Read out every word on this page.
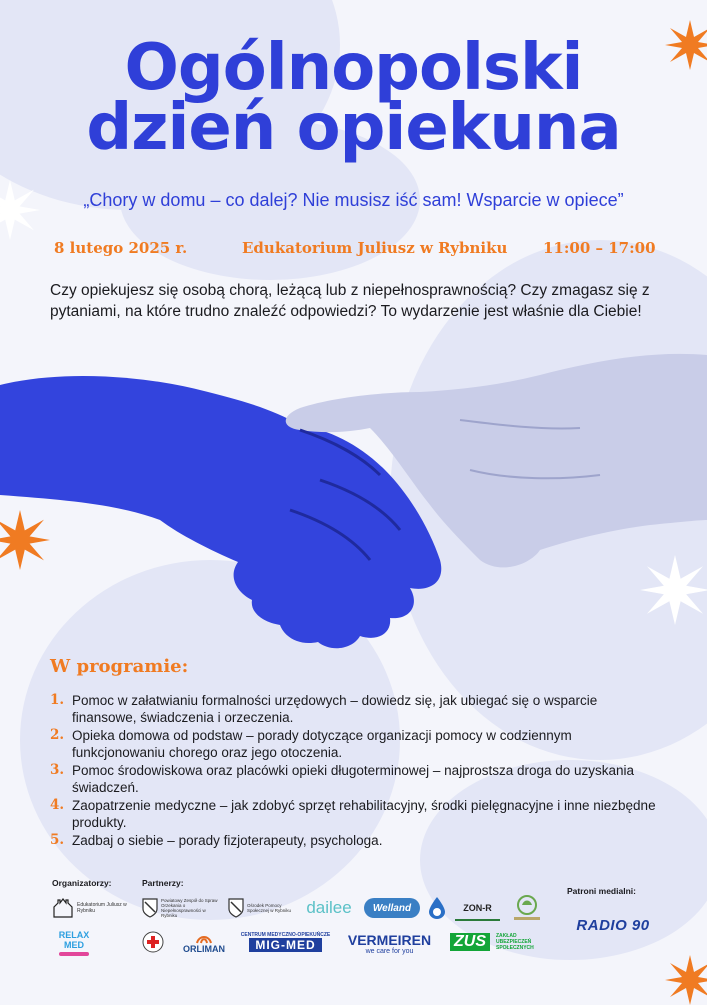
Ogólnopolski
dzień opiekuna
„Chory w domu – co dalej? Nie musisz iść sam! Wsparcie w opiece”
8 lutego 2025 r.	Edukatorium Juliusz w Rybniku 11:00 – 17:00
Czy opiekujesz się osobą chorą, leżącą lub z niepełnosprawnością? Czy zmagasz się z pytaniami, na które trudno znaleźć odpowiedzi? To wydarzenie jest właśnie dla Ciebie!
W programie:
1. Pomoc w załatwianiu formalności urzędowych – dowiedz się, jak ubiegać się o wsparcie finansowe, świadczenia i orzeczenia.
2. Opieka domowa od podstaw – porady dotyczące organizacji pomocy w codziennym funkcjonowaniu chorego oraz jego otoczenia.
3. Pomoc środowiskowa oraz placówki opieki długoterminowej – najprostsza droga do uzyskania świadczeń.
4. Zaopatrzenie medyczne – jak zdobyć sprzęt rehabilitacyjny, środki pielęgnacyjne i inne niezbędne produkty.
5. Zadbaj o siebie – porady fizjoterapeuty, psychologa.
Organizatorzy:	Partnerzy:
Patroni medialni:
Edukatorium Juliusz w Rybniku
Powiatowy Zespół do Spraw Orzekania o Niepełnosprawności w Rybniku
Ośrodek Pomocy Społecznej w Rybniku dailee	Welland	ZON-R
RELAX MED	ORLIMAN
CENTRUM MEDYCZNO-OPIEKUŃCZE
MIG-MED	VERMEIREN
we care for you
ZUS	ZAKŁAD UBEZPIECZEŃ SPOŁECZNYCH
RADIO 90
